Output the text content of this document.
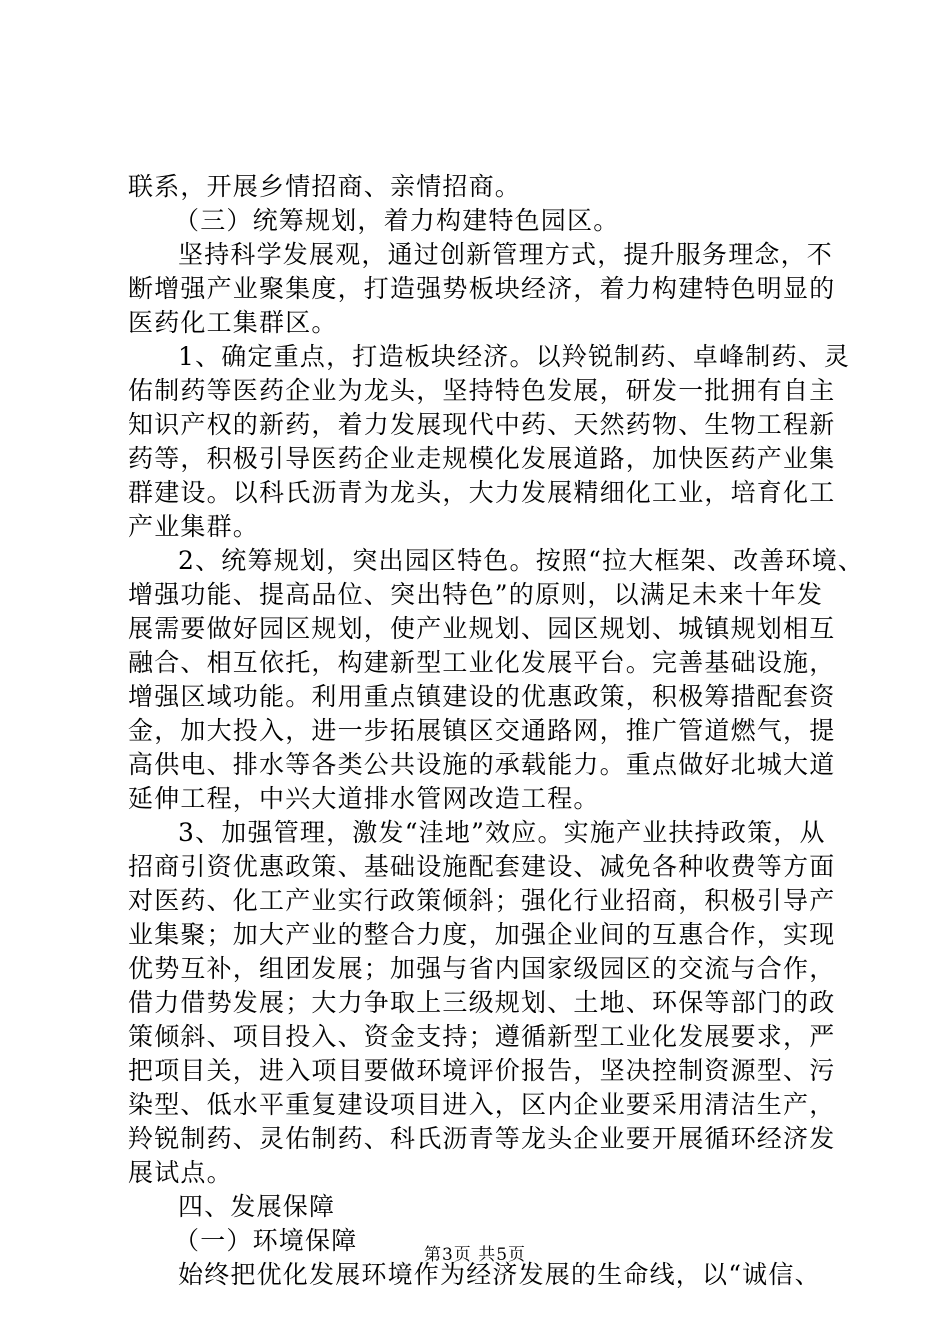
联系，开展乡情招商、亲情招商。
（三）统筹规划，着力构建特色园区。
坚持科学发展观，通过创新管理方式，提升服务理念，不
断增强产业聚集度，打造强势板块经济，着力构建特色明显的
医药化工集群区。
1、确定重点，打造板块经济。以羚锐制药、卓峰制药、灵
佑制药等医药企业为龙头，坚持特色发展，研发一批拥有自主
知识产权的新药，着力发展现代中药、天然药物、生物工程新
药等，积极引导医药企业走规模化发展道路，加快医药产业集
群建设。以科氏沥青为龙头，大力发展精细化工业，培育化工
产业集群。
2、统筹规划，突出园区特色。按照“拉大框架、改善环境、
增强功能、提高品位、突出特色”的原则，以满足未来十年发
展需要做好园区规划，使产业规划、园区规划、城镇规划相互
融合、相互依托，构建新型工业化发展平台。完善基础设施，
增强区域功能。利用重点镇建设的优惠政策，积极筹措配套资
金，加大投入，进一步拓展镇区交通路网，推广管道燃气，提
高供电、排水等各类公共设施的承载能力。重点做好北城大道
延伸工程，中兴大道排水管网改造工程。
3、加强管理，激发“洼地”效应。实施产业扶持政策，从
招商引资优惠政策、基础设施配套建设、减免各种收费等方面
对医药、化工产业实行政策倾斜；强化行业招商，积极引导产
业集聚；加大产业的整合力度，加强企业间的互惠合作，实现
优势互补，组团发展；加强与省内国家级园区的交流与合作，
借力借势发展；大力争取上三级规划、土地、环保等部门的政
策倾斜、项目投入、资金支持；遵循新型工业化发展要求，严
把项目关，进入项目要做环境评价报告，坚决控制资源型、污
染型、低水平重复建设项目进入，区内企业要采用清洁生产，
羚锐制药、灵佑制药、科氏沥青等龙头企业要开展循环经济发
展试点。
四、发展保障
（一）环境保障
始终把优化发展环境作为经济发展的生命线，以“诚信、
第3页 共5页
